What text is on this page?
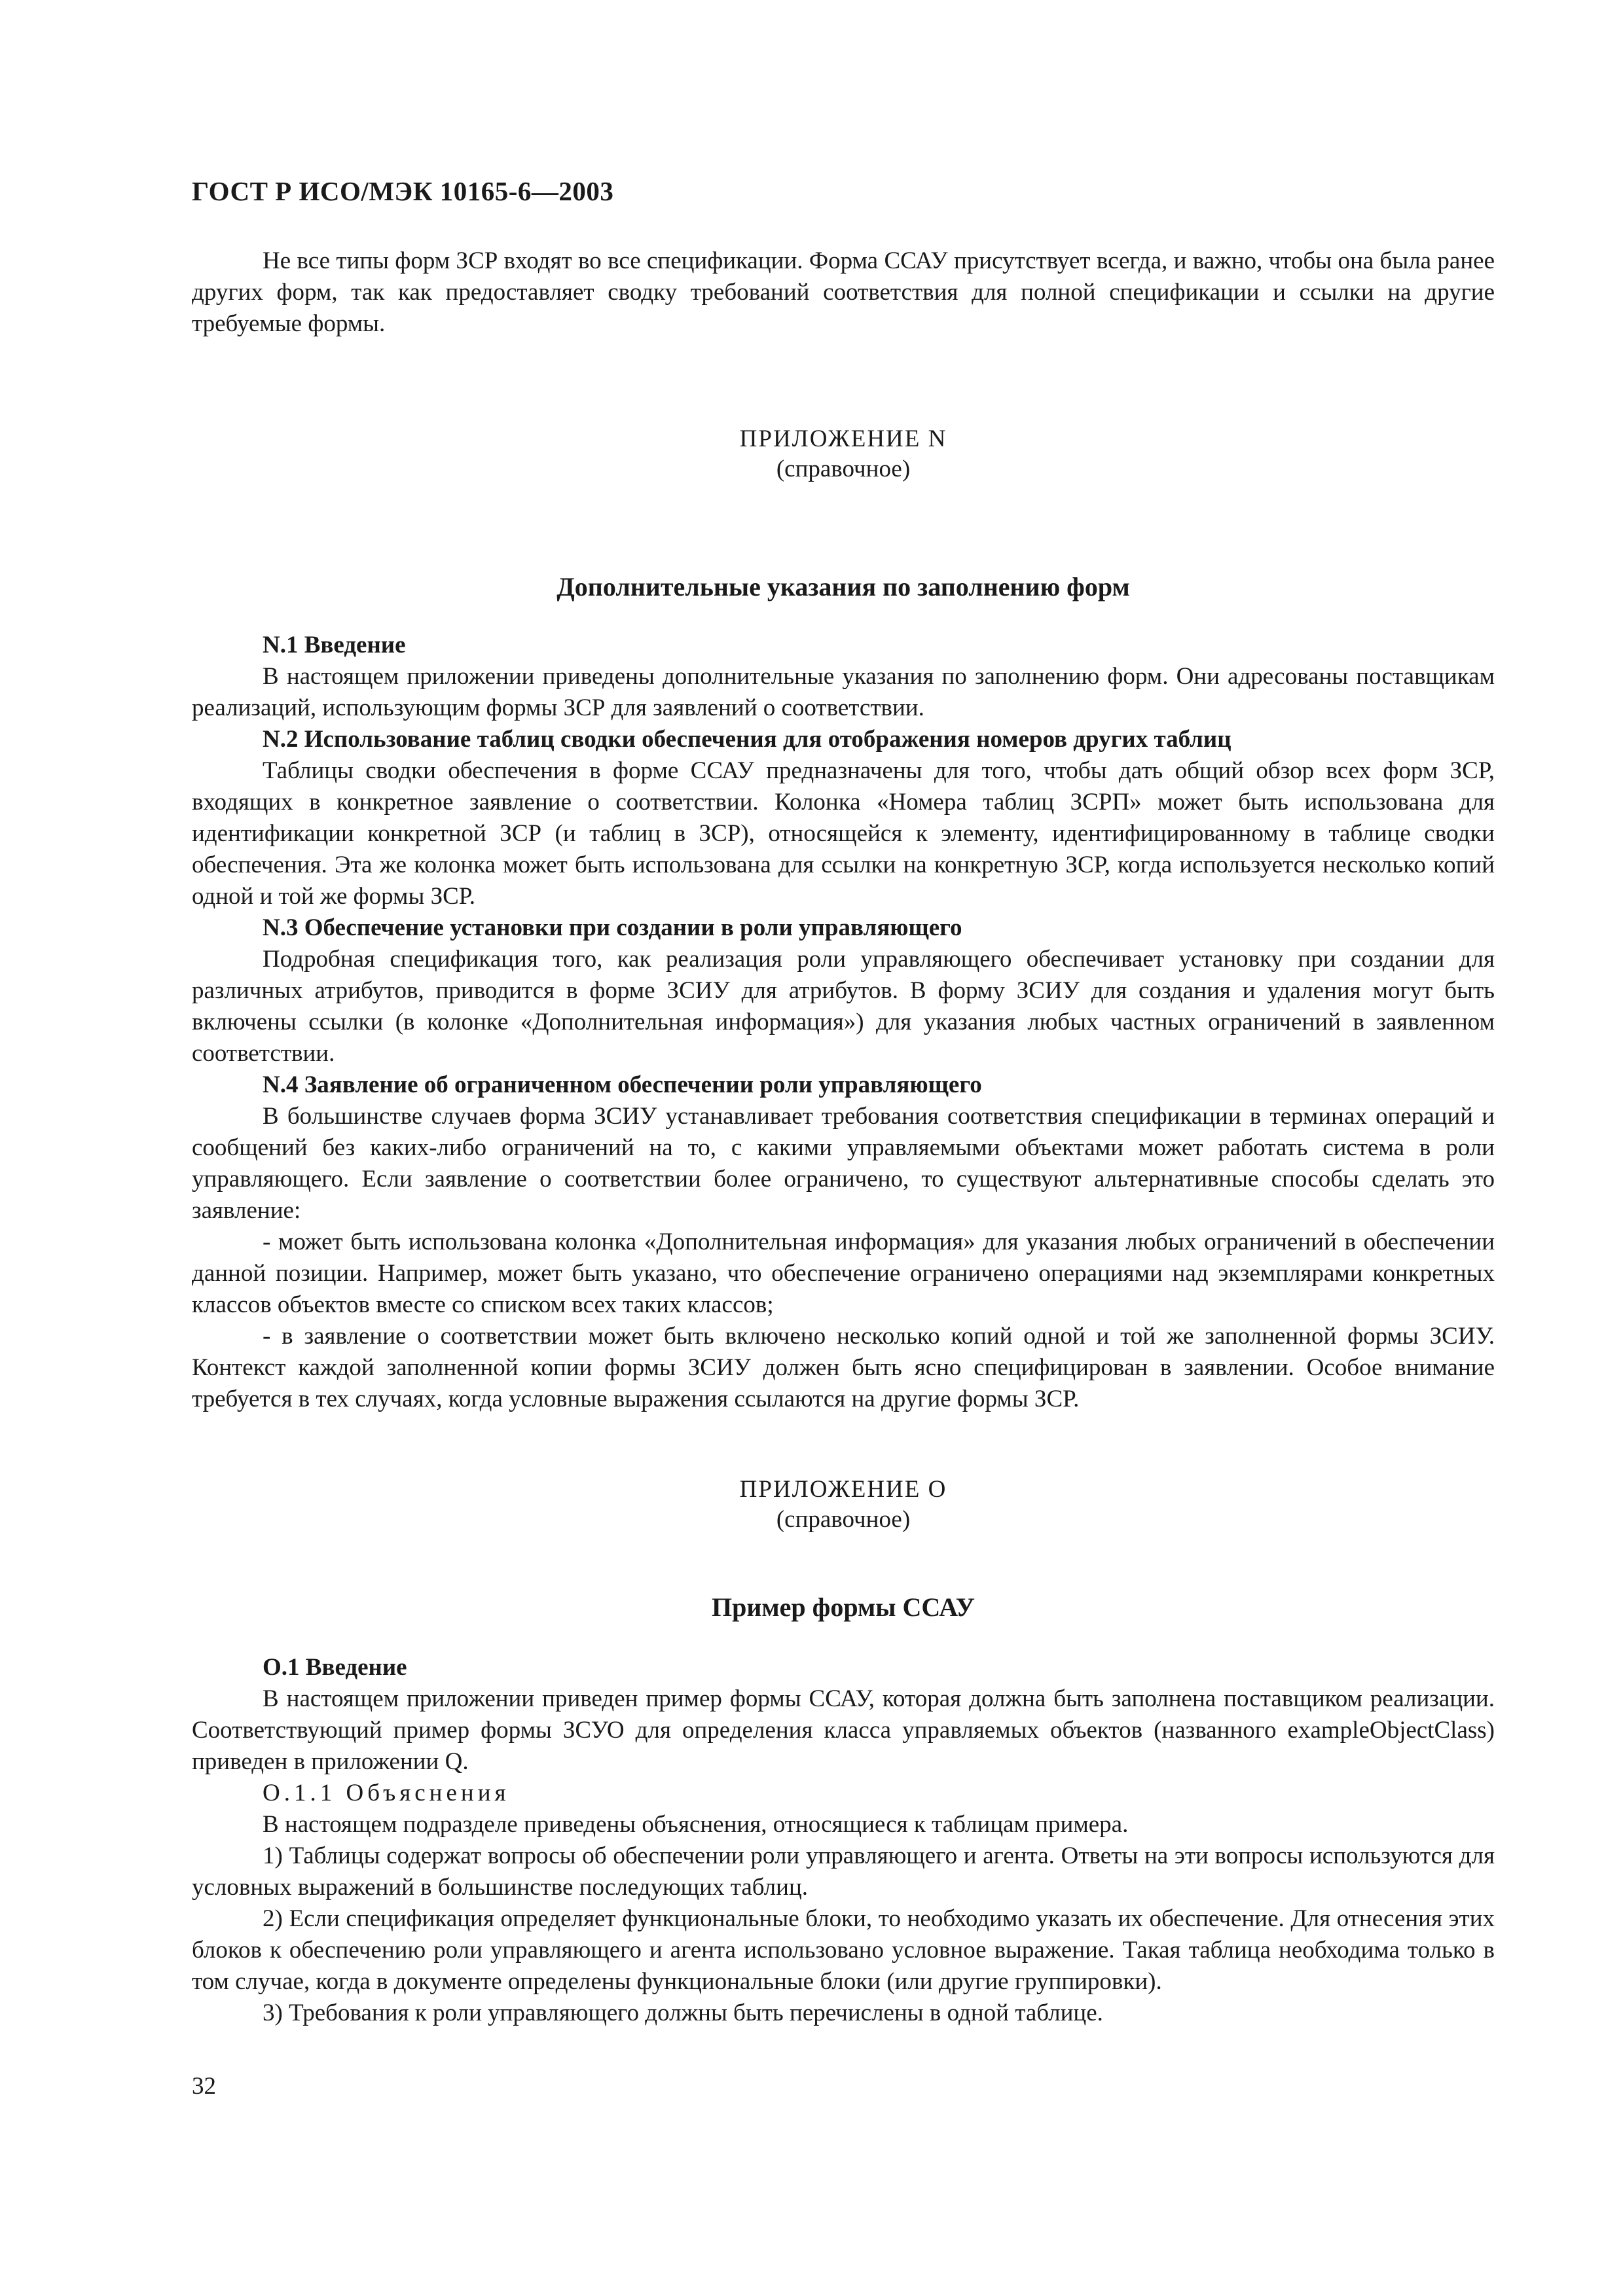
ГОСТ Р ИСО/МЭК 10165-6—2003

Не все типы форм ЗСР входят во все спецификации. Форма ССАУ присутствует всегда, и важно, чтобы она была ранее других форм, так как предоставляет сводку требований соответствия для полной спецификации и ссылки на другие требуемые формы.

ПРИЛОЖЕНИЕ N

(справочное)

Дополнительные указания по заполнению форм

N.1 Введение

В настоящем приложении приведены дополнительные указания по заполнению форм. Они адресованы поставщикам реализаций, использующим формы ЗСР для заявлений о соответствии.

N.2 Использование таблиц сводки обеспечения для отображения номеров других таблиц

Таблицы сводки обеспечения в форме ССАУ предназначены для того, чтобы дать общий обзор всех форм ЗСР, входящих в конкретное заявление о соответствии. Колонка «Номера таблиц ЗСРП» может быть использована для идентификации конкретной ЗСР (и таблиц в ЗСР), относящейся к элементу, идентифицированному в таблице сводки обеспечения. Эта же колонка может быть использована для ссылки на конкретную ЗСР, когда используется несколько копий одной и той же формы ЗСР.

N.3 Обеспечение установки при создании в роли управляющего

Подробная спецификация того, как реализация роли управляющего обеспечивает установку при создании для различных атрибутов, приводится в форме ЗСИУ для атрибутов. В форму ЗСИУ для создания и удаления могут быть включены ссылки (в колонке «Дополнительная информация») для указания любых частных ограничений в заявленном соответствии.

N.4 Заявление об ограниченном обеспечении роли управляющего

В большинстве случаев форма ЗСИУ устанавливает требования соответствия спецификации в терминах операций и сообщений без каких-либо ограничений на то, с какими управляемыми объектами может работать система в роли управляющего. Если заявление о соответствии более ограничено, то существуют альтернативные способы сделать это заявление:

- может быть использована колонка «Дополнительная информация» для указания любых ограничений в обеспечении данной позиции. Например, может быть указано, что обеспечение ограничено операциями над экземплярами конкретных классов объектов вместе со списком всех таких классов;

- в заявление о соответствии может быть включено несколько копий одной и той же заполненной формы ЗСИУ. Контекст каждой заполненной копии формы ЗСИУ должен быть ясно специфицирован в заявлении. Особое внимание требуется в тех случаях, когда условные выражения ссылаются на другие формы ЗСР.

ПРИЛОЖЕНИЕ O

(справочное)

Пример формы ССАУ

O.1 Введение

В настоящем приложении приведен пример формы ССАУ, которая должна быть заполнена поставщиком реализации. Соответствующий пример формы ЗСУО для определения класса управляемых объектов (названного exampleObjectClass) приведен в приложении Q.

O.1.1 Объяснения

В настоящем подразделе приведены объяснения, относящиеся к таблицам примера.

1) Таблицы содержат вопросы об обеспечении роли управляющего и агента. Ответы на эти вопросы используются для условных выражений в большинстве последующих таблиц.

2) Если спецификация определяет функциональные блоки, то необходимо указать их обеспечение. Для отнесения этих блоков к обеспечению роли управляющего и агента использовано условное выражение. Такая таблица необходима только в том случае, когда в документе определены функциональные блоки (или другие группировки).

3) Требования к роли управляющего должны быть перечислены в одной таблице.

32
